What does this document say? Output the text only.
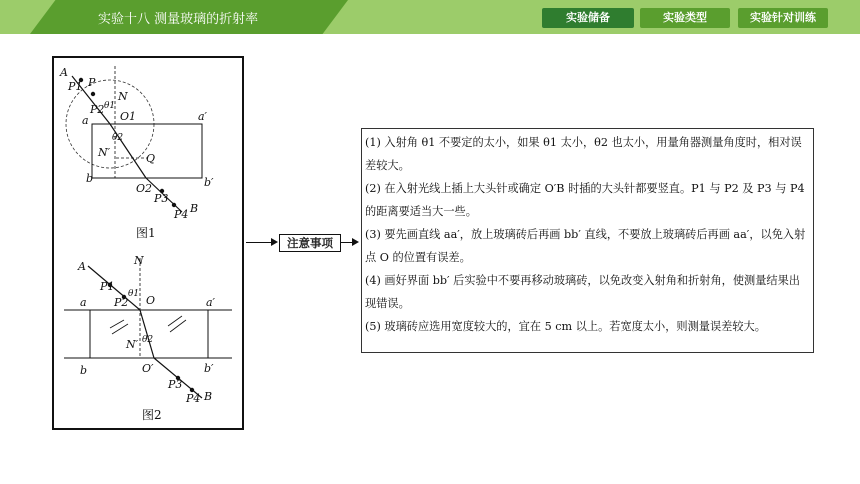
实验十八 测量玻璃的折射率	实验储备	实验类型	实验针对训练
A
P1 P
N
P2 θ1
O1
a	a′
θ2
N′	Q
b	b′
O2
P3
P4 B
A	N
P1
θ1
P2 O
a	a′
N′ θ2
b	O′	b′
P3
P4 B
图1
图2
注意事项
(1) 入射角 θ1 不要定的太小，如果 θ1 太小，θ2 也太小，用量角器测量角度时，相对误差较大。
(2) 在入射光线上插上大头针或确定 O′B 时插的大头针都要竖直。P1 与 P2 及 P3 与 P4 的距离要适当大一些。
(3) 要先画直线 aa′，放上玻璃砖后再画 bb′ 直线，不要放上玻璃砖后再画 aa′，以免入射点 O 的位置有误差。
(4) 画好界面 bb′ 后实验中不要再移动玻璃砖，以免改变入射角和折射角，使测量结果出现错误。
(5) 玻璃砖应选用宽度较大的，宜在 5 cm 以上。若宽度太小，则测量误差较大。
